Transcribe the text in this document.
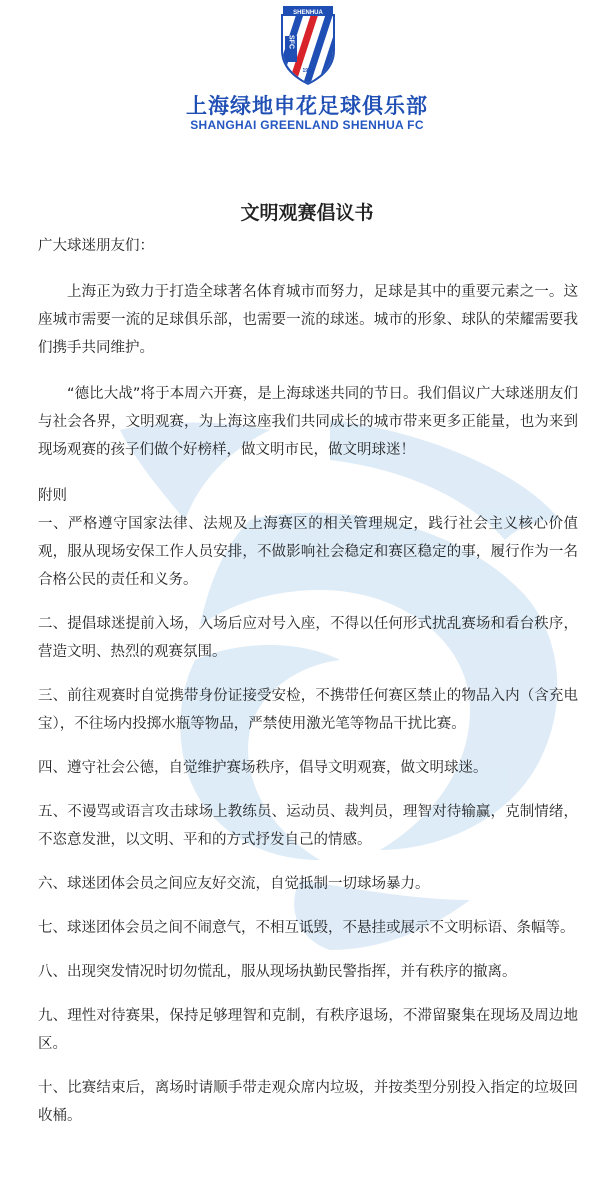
SHENHUA
SFC
1993
上海绿地申花足球俱乐部
SHANGHAI GREENLAND SHENHUA FC
文明观赛倡议书

广大球迷朋友们：

上海正为致力于打造全球著名体育城市而努力，足球是其中的重要元素之一。这座城市需要一流的足球俱乐部，也需要一流的球迷。城市的形象、球队的荣耀需要我们携手共同维护。

“德比大战”将于本周六开赛，是上海球迷共同的节日。我们倡议广大球迷朋友们与社会各界，文明观赛，为上海这座我们共同成长的城市带来更多正能量，也为来到现场观赛的孩子们做个好榜样，做文明市民，做文明球迷！

附则

一、严格遵守国家法律、法规及上海赛区的相关管理规定，践行社会主义核心价值观，服从现场安保工作人员安排，不做影响社会稳定和赛区稳定的事，履行作为一名合格公民的责任和义务。

二、提倡球迷提前入场，入场后应对号入座，不得以任何形式扰乱赛场和看台秩序，营造文明、热烈的观赛氛围。

三、前往观赛时自觉携带身份证接受安检，不携带任何赛区禁止的物品入内（含充电宝），不往场内投掷水瓶等物品，严禁使用激光笔等物品干扰比赛。

四、遵守社会公德，自觉维护赛场秩序，倡导文明观赛，做文明球迷。

五、不谩骂或语言攻击球场上教练员、运动员、裁判员，理智对待输赢，克制情绪，不恣意发泄，以文明、平和的方式抒发自己的情感。

六、球迷团体会员之间应友好交流，自觉抵制一切球场暴力。

七、球迷团体会员之间不闹意气，不相互诋毁，不悬挂或展示不文明标语、条幅等。

八、出现突发情况时切勿慌乱，服从现场执勤民警指挥，并有秩序的撤离。

九、理性对待赛果，保持足够理智和克制，有秩序退场，不滞留聚集在现场及周边地区。

十、比赛结束后，离场时请顺手带走观众席内垃圾，并按类型分别投入指定的垃圾回收桶。
